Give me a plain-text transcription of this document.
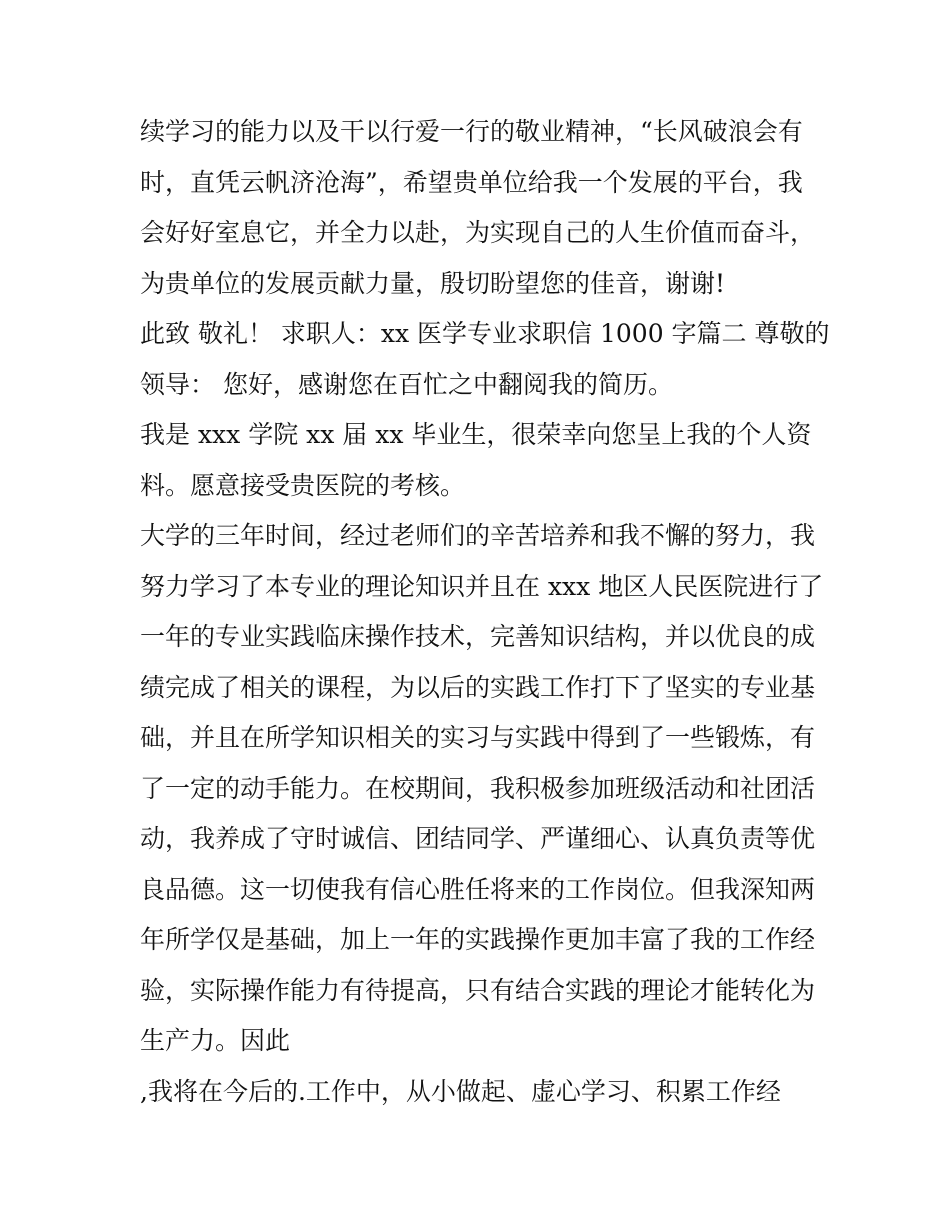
续学习的能力以及干以行爱一行的敬业精神，“长风破浪会有
时，直凭云帆济沧海”，希望贵单位给我一个发展的平台，我
会好好室息它，并全力以赴，为实现自己的人生价值而奋斗，
为贵单位的发展贡献力量，殷切盼望您的佳音，谢谢!
此致 敬礼！ 求职人：xx 医学专业求职信 1000 字篇二 尊敬的
领导： 您好，感谢您在百忙之中翻阅我的简历。
我是 xxx 学院 xx 届 xx 毕业生，很荣幸向您呈上我的个人资
料。愿意接受贵医院的考核。
大学的三年时间，经过老师们的辛苦培养和我不懈的努力，我
努力学习了本专业的理论知识并且在 xxx 地区人民医院进行了
一年的专业实践临床操作技术，完善知识结构，并以优良的成
绩完成了相关的课程，为以后的实践工作打下了坚实的专业基
础，并且在所学知识相关的实习与实践中得到了一些锻炼，有
了一定的动手能力。在校期间，我积极参加班级活动和社团活
动，我养成了守时诚信、团结同学、严谨细心、认真负责等优
良品德。这一切使我有信心胜任将来的工作岗位。但我深知两
年所学仅是基础，加上一年的实践操作更加丰富了我的工作经
验，实际操作能力有待提高，只有结合实践的理论才能转化为
生产力。因此
,我将在今后的.工作中，从小做起、虚心学习、积累工作经
